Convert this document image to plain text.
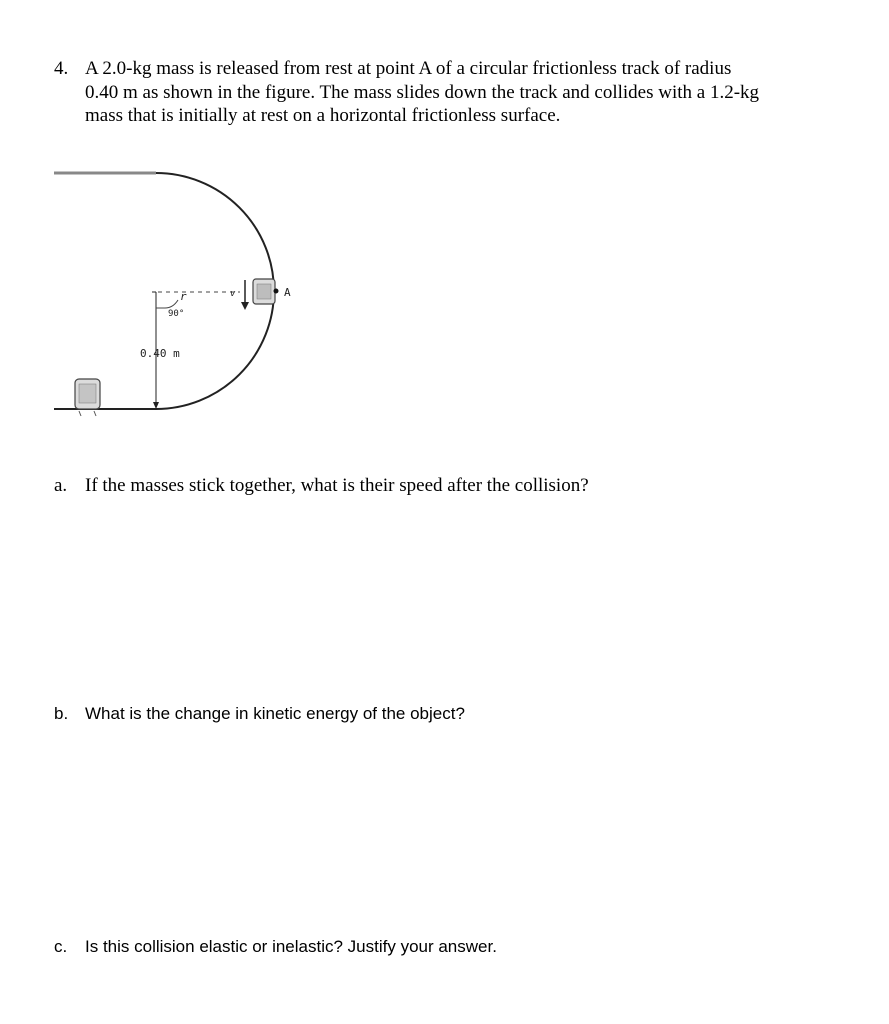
4. A 2.0-kg mass is released from rest at point A of a circular frictionless track of radius
0.40 m as shown in the figure. The mass slides down the track and collides with a 1.2-kg
mass that is initially at rest on a horizontal frictionless surface.
90°
r
0.40 m
v	A
a. If the masses stick together, what is their speed after the collision?
b. What is the change in kinetic energy of the object?
c. Is this collision elastic or inelastic? Justify your answer.
